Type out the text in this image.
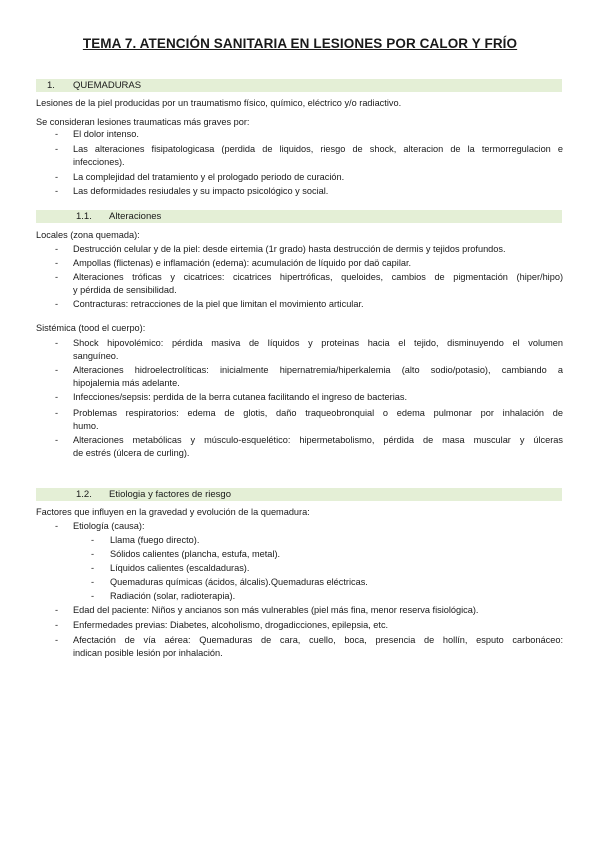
TEMA 7. ATENCIÓN SANITARIA EN LESIONES POR CALOR Y FRÍO
1. QUEMADURAS
Lesiones de la piel producidas por un traumatismo físico, químico, eléctrico y/o radiactivo.
Se consideran lesiones traumaticas más graves por:
- El dolor intenso.
- Las alteraciones fisipatologicasa (perdida de liquidos, riesgo de shock, alteracion de la termorregulacion e
infecciones).
- La complejidad del tratamiento y el prologado periodo de curación.
- Las deformidades resiudales y su impacto psicológico y social.
1.1. Alteraciones
Locales (zona quemada):
- Destrucción celular y de la piel: desde eirtemia (1r grado) hasta destrucción de dermis y tejidos profundos.
- Ampollas (flictenas) e inflamación (edema): acumulación de líquido por daö capilar.
- Alteraciones tróficas y cicatrices: cicatrices hipertróficas, queloides, cambios de pigmentación (hiper/hipo)
y pérdida de sensibilidad.
- Contracturas: retracciones de la piel que limitan el movimiento articular.
Sistémica (tood el cuerpo):
- Shock hipovolémico: pérdida masiva de líquidos y proteinas hacia el tejido, disminuyendo el volumen
sanguíneo.
- Alteraciones hidroelectrolíticas: inicialmente hipernatremia/hiperkalemia (alto sodio/potasio), cambiando a
hipojalemia más adelante.
- Infecciones/sepsis: perdida de la berra cutanea facilitando el ingreso de bacterias.
- Problemas respiratorios: edema de glotis, daño traqueobronquial o edema pulmonar por inhalación de
humo.
- Alteraciones metabólicas y músculo-esquelético: hipermetabolismo, pérdida de masa muscular y úlceras
de estrés (úlcera de curling).
1.2. Etiologia y factores de riesgo
Factores que influyen en la gravedad y evolución de la quemadura:
- Etiología (causa):
- Llama (fuego directo).
- Sólidos calientes (plancha, estufa, metal).
- Líquidos calientes (escaldaduras).
- Quemaduras químicas (ácidos, álcalis).Quemaduras eléctricas.
- Radiación (solar, radioterapia).
- Edad del paciente: Niños y ancianos son más vulnerables (piel más fina, menor reserva fisiológica).
- Enfermedades previas: Diabetes, alcoholismo, drogadicciones, epilepsia, etc.
- Afectación de vía aérea: Quemaduras de cara, cuello, boca, presencia de hollín, esputo carbonáceo:
indican posible lesión por inhalación.
